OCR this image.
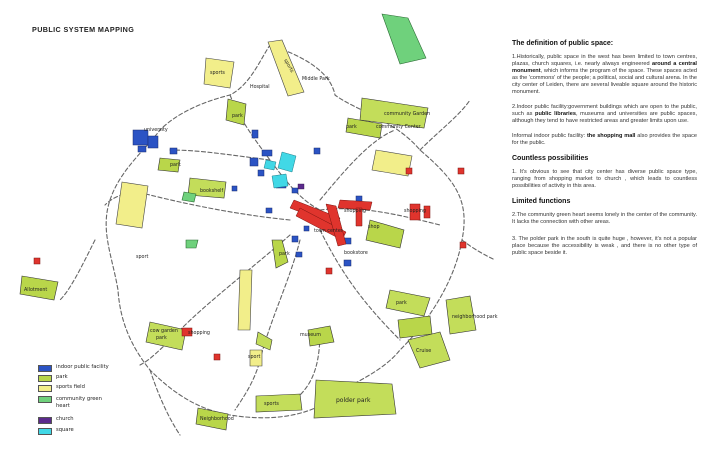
PUBLIC SYSTEM MAPPING
university
sports	sports
Middle Park
Hospital
park	community Garden
community Center
park
park
bookshelf
sport
Allotment
park
shopping
town center
shopping	shopping
shop
bookstore
park
cow garden
park
museum
sport
sports
neighborhood park
polder park
Cruise
Neighborhood
indoor public facility
park
sports field
community green heart
church
square
The definition of public space:

1.Historically, public space in the west has been limited to town centres, plazas, church squares, i.e. nearly always engineered around a central monument, which informs the program of the space. These spaces acted as the 'commons' of the people; a political, social and cultural arena. In the city center of Leiden, there are several liveable square around the historic monument.

2.Indoor public facility:government buildings which are open to the public, such as public libraries, museums and universities are public spaces, although they tend to have restricted areas and greater limits upon use.

Informal indoor public facility: the shopping mall also provides the space for the public.

Countless possibilities

1. It's obvious to see that city center has diverse public space type, ranging from shopping market to church , which leads to countless possibilities of activity in this area.

Limited functions

2.The community green heart seems lonely in the center of the community. It lacks the connection with other areas.

3. The polder park in the south is quite huge , however, it's not a popular place because the accessibility is weak , and there is no other type of public space beside it.
